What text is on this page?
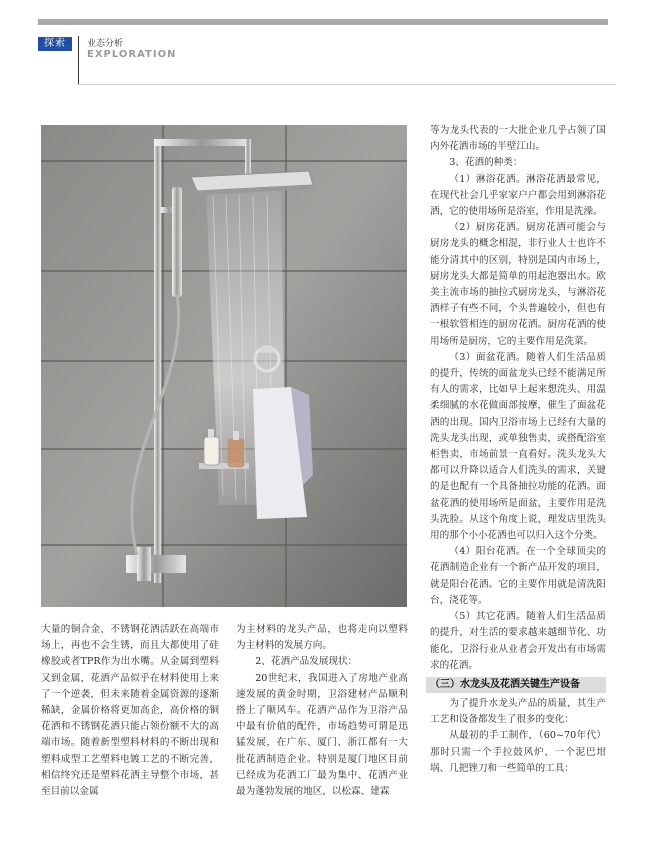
探索	业态分析
EXPLORATION

大量的铜合金、不锈钢花洒活跃在高端市场上，再也不会生锈，而且大都使用了硅橡胶或者TPR作为出水嘴。从金属到塑料又到金属，花洒产品似乎在材料使用上来了一个逆袭，但未来随着金属资源的逐渐稀缺，金属价格将更加高企，高价格的铜花洒和不锈钢花洒只能占领份额不大的高端市场。随着新型塑料材料的不断出现和塑料成型工艺塑料电镀工艺的不断完善，相信终究还是塑料花洒主导整个市场，甚至目前以金属

为主材料的龙头产品，也将走向以塑料为主材料的发展方向。

2、花洒产品发展现状：

20世纪末，我国进入了房地产业高速发展的黄金时期，卫浴建材产品顺利搭上了顺风车。花洒产品作为卫浴产品中最有价值的配件，市场趋势可谓是迅猛发展，在广东、厦门、浙江都有一大批花洒制造企业。特别是厦门地区目前已经成为花洒工厂最为集中、花洒产业最为蓬勃发展的地区，以松霖、建霖

等为龙头代表的一大批企业几乎占领了国内外花洒市场的半壁江山。

3、花洒的种类：

（1）淋浴花洒。淋浴花洒最常见，在现代社会几乎家家户户都会用到淋浴花洒，它的使用场所是浴室，作用是洗澡。

（2）厨房花洒。厨房花洒可能会与厨房龙头的概念相混，非行业人士也许不能分清其中的区别，特别是国内市场上，厨房龙头大都是简单的用起泡器出水。欧美主流市场的抽拉式厨房龙头，与淋浴花洒样子有些不同，个头普遍较小，但也有一根软管相连的厨房花洒。厨房花洒的使用场所是厨房，它的主要作用是洗菜。

（3）面盆花洒。随着人们生活品质的提升，传统的面盆龙头已经不能满足所有人的需求，比如早上起来想洗头、用温柔细腻的水花做面部按摩，催生了面盆花洒的出现。国内卫浴市场上已经有大量的洗头龙头出现，或单独售卖，或搭配浴室柜售卖，市场前景一直看好。洗头龙头大都可以升降以适合人们洗头的需求，关键的是也配有一个具备抽拉功能的花洒。面盆花洒的使用场所是面盆，主要作用是洗头洗脸。从这个角度上说，理发店里洗头用的那个小小花洒也可以归入这个分类。

（4）阳台花洒。在一个全球顶尖的花洒制造企业有一个新产品开发的项目，就是阳台花洒。它的主要作用就是清洗阳台，浇花等。

（5）其它花洒。随着人们生活品质的提升，对生活的要求越来越细节化、功能化，卫浴行业从业者会开发出有市场需求的花洒。

（三）水龙头及花洒关键生产设备

为了提升水龙头产品的质量，其生产工艺和设备都发生了很多的变化：

从最初的手工制作，（60~70年代）那时只需一个手拉鼓风炉、一个泥巴坩埚、几把锉刀和一些简单的工具：
